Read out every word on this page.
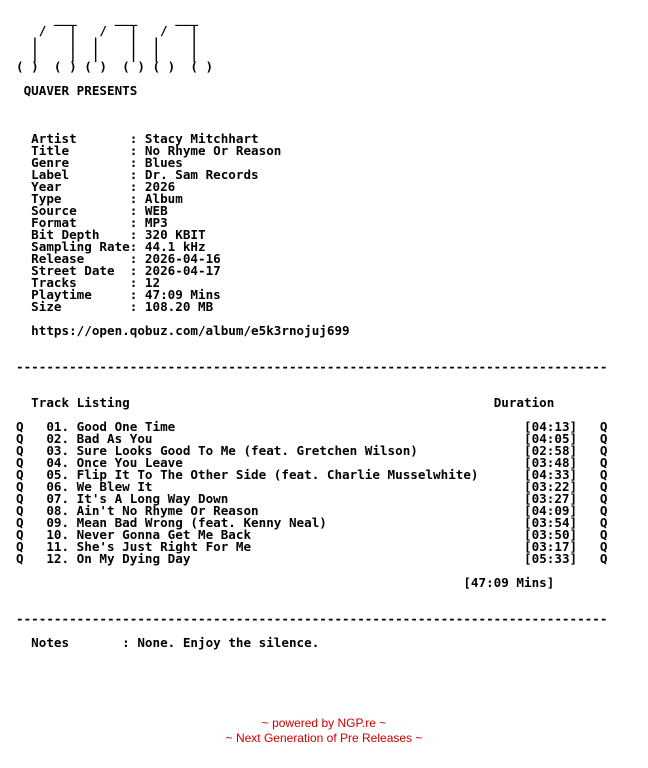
___     ___     ___
/   |   /   |   /   |
|    |  |    |  |    |
|    |  |    |  |    |
( )  ( ) ( )  ( ) ( )  ( )
QUAVER PRESENTS
Artist       : Stacy Mitchhart
Title        : No Rhyme Or Reason
Genre        : Blues
Label        : Dr. Sam Records
Year         : 2026
Type         : Album
Source       : WEB
Format       : MP3
Bit Depth    : 320 KBIT
Sampling Rate: 44.1 kHz
Release      : 2026-04-16
Street Date  : 2026-04-17
Tracks       : 12
Playtime     : 47:09 Mins
Size         : 108.20 MB
https://open.qobuz.com/album/e5k3rnojuj699
------------------------------------------------------------------------------
Track Listing	Duration
Q   01. Good One Time	[04:13] Q
Q   02. Bad As You	[04:05] Q
Q   03. Sure Looks Good To Me (feat. Gretchen Wilson)	[02:58] Q
Q   04. Once You Leave	[03:48] Q
Q   05. Flip It To The Other Side (feat. Charlie Musselwhite)	[04:33] Q
Q   06. We Blew It	[03:22] Q
Q   07. It's A Long Way Down	[03:27] Q
Q   08. Ain't No Rhyme Or Reason	[04:09] Q
Q   09. Mean Bad Wrong (feat. Kenny Neal)	[03:54] Q
Q   10. Never Gonna Get Me Back	[03:50] Q
Q   11. She's Just Right For Me	[03:17] Q
Q   12. On My Dying Day	[05:33] Q
[47:09 Mins]
------------------------------------------------------------------------------
Notes       : None. Enjoy the silence.
~ powered by NGP.re ~
~ Next Generation of Pre Releases ~
